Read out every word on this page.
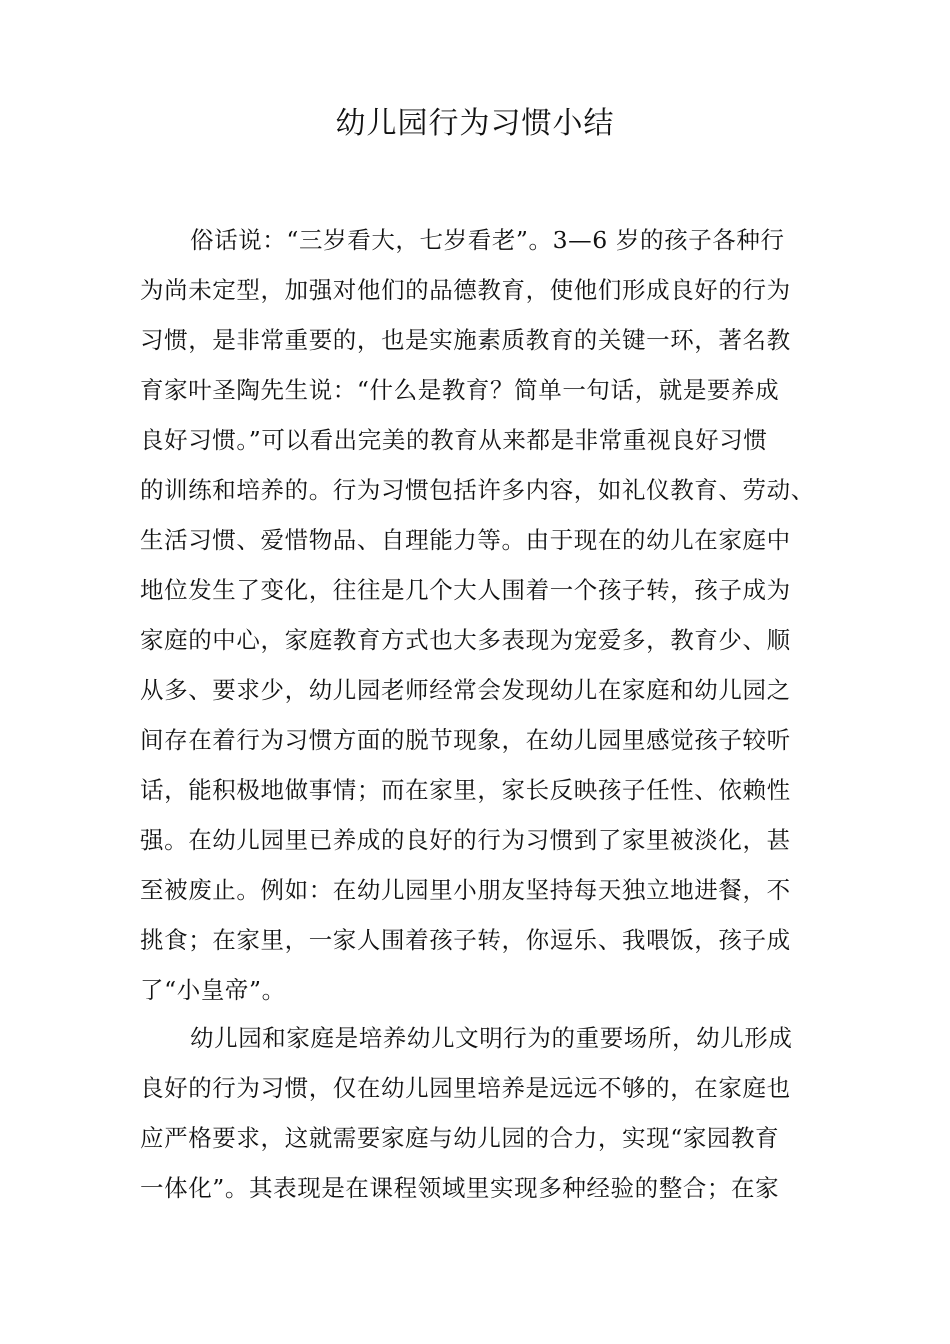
幼儿园行为习惯小结
俗话说：“三岁看大，七岁看老”。3—6 岁的孩子各种行
为尚未定型，加强对他们的品德教育，使他们形成良好的行为
习惯，是非常重要的，也是实施素质教育的关键一环，著名教
育家叶圣陶先生说：“什么是教育？简单一句话，就是要养成
良好习惯。”可以看出完美的教育从来都是非常重视良好习惯
的训练和培养的。行为习惯包括许多内容，如礼仪教育、劳动、
生活习惯、爱惜物品、自理能力等。由于现在的幼儿在家庭中
地位发生了变化，往往是几个大人围着一个孩子转，孩子成为
家庭的中心，家庭教育方式也大多表现为宠爱多，教育少、顺
从多、要求少，幼儿园老师经常会发现幼儿在家庭和幼儿园之
间存在着行为习惯方面的脱节现象，在幼儿园里感觉孩子较听
话，能积极地做事情；而在家里，家长反映孩子任性、依赖性
强。在幼儿园里已养成的良好的行为习惯到了家里被淡化，甚
至被废止。例如：在幼儿园里小朋友坚持每天独立地进餐，不
挑食；在家里，一家人围着孩子转，你逗乐、我喂饭，孩子成
了“小皇帝”。
幼儿园和家庭是培养幼儿文明行为的重要场所，幼儿形成
良好的行为习惯，仅在幼儿园里培养是远远不够的，在家庭也
应严格要求，这就需要家庭与幼儿园的合力，实现“家园教育
一体化”。其表现是在课程领域里实现多种经验的整合；在家
